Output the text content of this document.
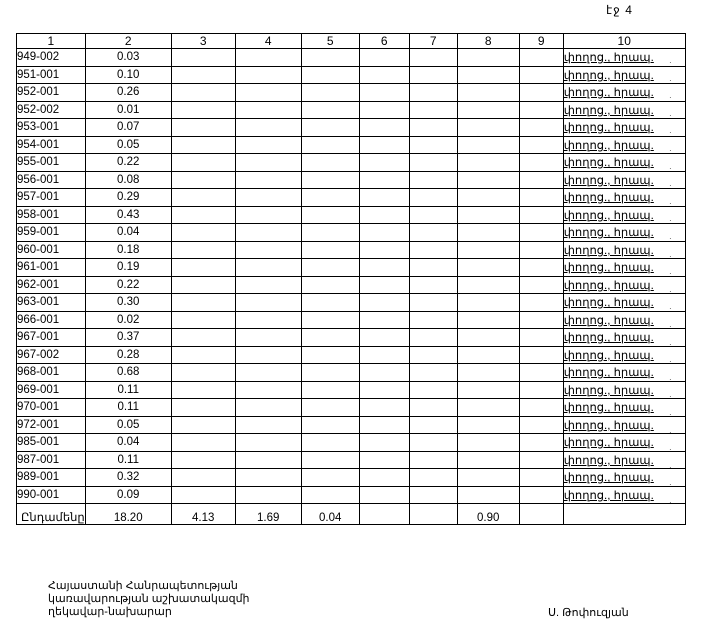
էջ 4
1	2	3	4	5	6	7	8	9	10
949-002	0.03								փողոց., հրապ.
951-001	0.10								փողոց., հրապ.
952-001	0.26								փողոց., հրապ.
952-002	0.01								փողոց., հրապ.
953-001	0.07								փողոց., հրապ.
954-001	0.05								փողոց., հրապ.
955-001	0.22								փողոց., հրապ.
956-001	0.08								փողոց., հրապ.
957-001	0.29								փողոց., հրապ.
958-001	0.43								փողոց., հրապ.
959-001	0.04								փողոց., հրապ.
960-001	0.18								փողոց., հրապ.
961-001	0.19								փողոց., հրապ.
962-001	0.22								փողոց., հրապ.
963-001	0.30								փողոց., հրապ.
966-001	0.02								փողոց., հրապ.
967-001	0.37								փողոց., հրապ.
967-002	0.28								փողոց., հրապ.
968-001	0.68								փողոց., հրապ.
969-001	0.11								փողոց., հրապ.
970-001	0.11								փողոց., հրապ.
972-001	0.05								փողոց., հրապ.
985-001	0.04								փողոց., հրապ.
987-001	0.11								փողոց., հրապ.
989-001	0.32								փողոց., հրապ.
990-001	0.09								փողոց., հրապ.
Ընդամենը	18.20	4.13	1.69	0.04			0.90		
·
·
·
·
·
·
·
·
·
·
·
·
·
·
·
·
·
·
·
·
·
·
·
·
·
·
Հայաստանի Հանրապետության
կառավարության աշխատակազմի
ղեկավար-նախարար	Ս. Թոփուզյան
